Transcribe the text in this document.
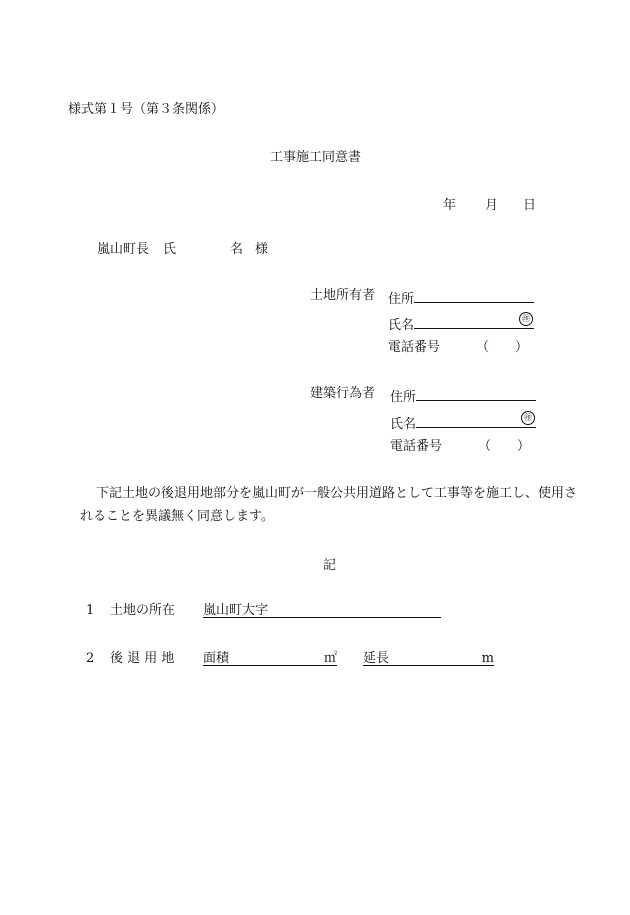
様式第１号（第３条関係）
工事施工同意書
年 月 日
嵐山町長 氏	名 様
土地所有者 住所
氏名	㊞
電話番号	（　　）
建築行為者 住所
氏名	㊞
電話番号	（　　）
下記土地の後退用地部分を嵐山町が一般公共用道路として工事等を施工し、使用されることを異議無く同意します。
記
1 土地の所在 嵐山町大字
2 後 退 用 地 面積	㎡ 延長	m
